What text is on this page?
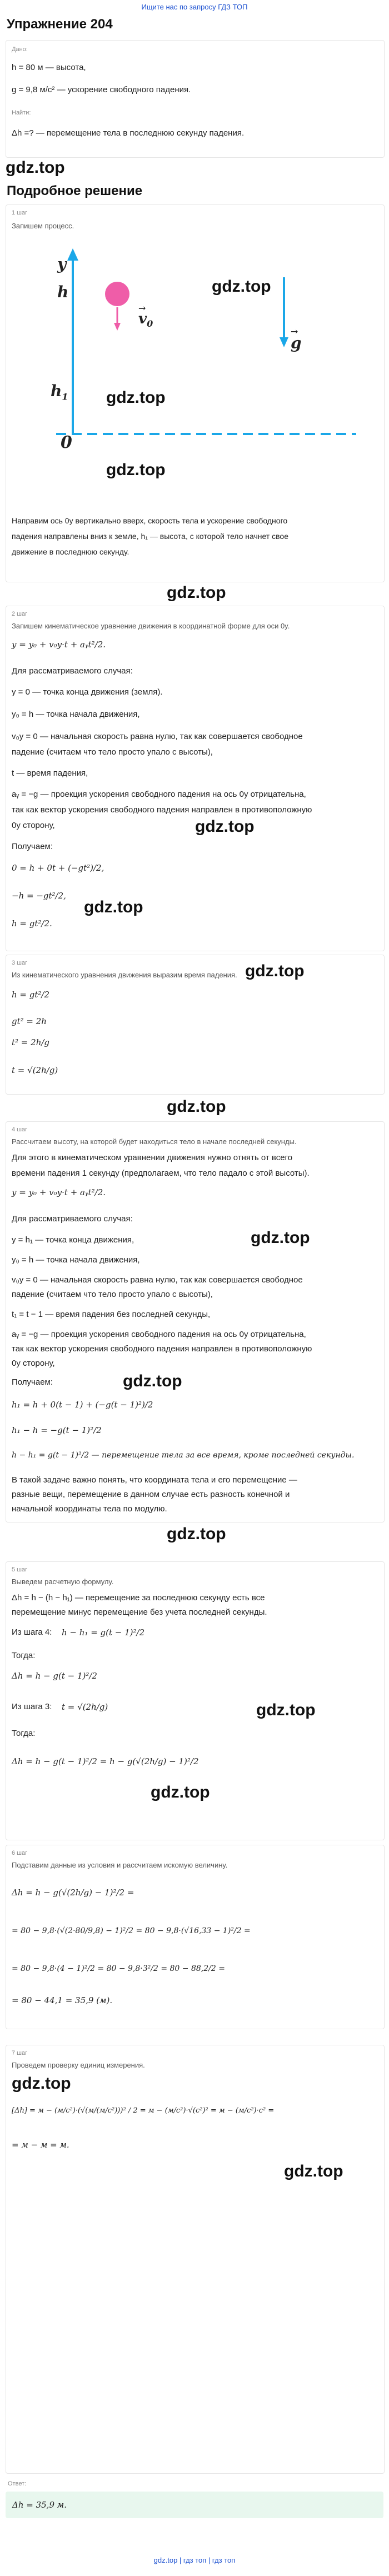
Ищите нас по запросу ГДЗ ТОП
Упражнение 204
Дано:
h = 80 м — высота,
g = 9,8 м/с² — ускорение свободного падения.
Найти:
Δh =? — перемещение тела в последнюю секунду падения.
gdz.top
Подробное решение
1 шаг
Запишем процесс.
y
h
$h_1$
0
→
$v_0$
→
g
gdz.top
gdz.top
gdz.top
Направим ось 0y вертикально вверх, скорость тела и ускорение свободного
падения направлены вниз к земле, h₁ — высота, с которой тело начнет свое
движение в последнюю секунду.
gdz.top
2 шаг
Запишем кинематическое уравнение движения в координатной форме для оси 0y.
y = y₀ + v₀y·t + aᵧt²/2.
Для рассматриваемого случая:
y = 0 — точка конца движения (земля).
y₀ = h — точка начала движения,
v₀y = 0 — начальная скорость равна нулю, так как совершается свободное
падение (считаем что тело просто упало с высоты),
t — время падения,
aᵧ = −g — проекция ускорения свободного падения на ось 0y отрицательна,
так как вектор ускорения свободного падения направлен в противоположную
0y сторону,
Получаем:
0 = h + 0t + (−gt²)/2,
−h = −gt²/2,
h = gt²/2.
gdz.top
gdz.top
3 шаг
Из кинематического уравнения движения выразим время падения.
h = gt²/2
gt² = 2h
t² = 2h/g
t = √(2h/g)
gdz.top
gdz.top
4 шаг
Рассчитаем высоту, на которой будет находиться тело в начале последней секунды.
Для этого в кинематическом уравнении движения нужно отнять от всего
времени падения 1 секунду (предполагаем, что тело падало с этой высоты).
y = y₀ + v₀y·t + aᵧt²/2.
Для рассматриваемого случая:
y = h₁ — точка конца движения,
y₀ = h — точка начала движения,
v₀y = 0 — начальная скорость равна нулю, так как совершается свободное
падение (считаем что тело просто упало с высоты),
t₁ = t − 1 — время падения без последней секунды,
aᵧ = −g — проекция ускорения свободного падения на ось 0y отрицательна,
так как вектор ускорения свободного падения направлен в противоположную
0y сторону,
Получаем:
h₁ = h + 0(t − 1) + (−g(t − 1)²)/2
h₁ − h = −g(t − 1)²/2
h − h₁ = g(t − 1)²/2 — перемещение тела за все время, кроме последней секунды.
В такой задаче важно понять, что координата тела и его перемещение —
разные вещи, перемещение в данном случае есть разность конечной и
начальной координаты тела по модулю.
gdz.top
gdz.top
gdz.top
5 шаг
Выведем расчетную формулу.
Δh = h − (h − h₁) — перемещение за последнюю секунду есть все
перемещение минус перемещение без учета последней секунды.
Из шага 4: h − h₁ = g(t − 1)²/2
Тогда:
Δh = h − g(t − 1)²/2
Из шага 3: t = √(2h/g)
Тогда:
Δh = h − g(t − 1)²/2 = h − g(√(2h/g) − 1)²/2
gdz.top
gdz.top
6 шаг
Подставим данные из условия и рассчитаем искомую величину.
Δh = h − g(√(2h/g) − 1)²/2 =
= 80 − 9,8·(√(2·80/9,8) − 1)²/2 = 80 − 9,8·(√16,33 − 1)²/2 =
= 80 − 9,8·(4 − 1)²/2 = 80 − 9,8·3²/2 = 80 − 88,2/2 =
= 80 − 44,1 = 35,9 (м).
7 шаг
Проведем проверку единиц измерения.
gdz.top
[Δh] = м − (м/с²)·(√(м/(м/с²)))² / 2 = м − (м/с²)·√(с²)² = м − (м/с²)·с² =
= м − м = м.
gdz.top
Ответ:
Δh = 35,9 м.
gdz.top | гдз топ | гдз топ
